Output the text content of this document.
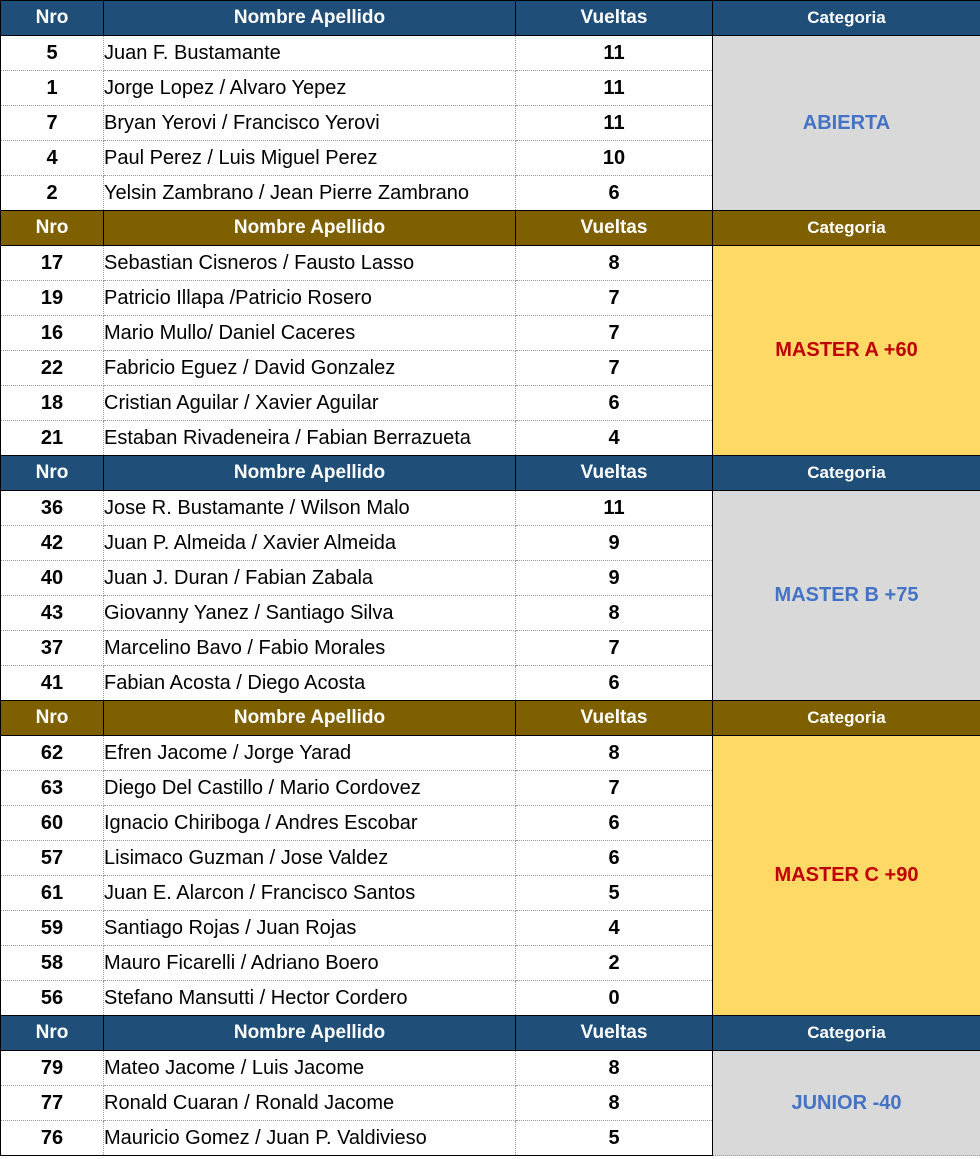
Nro	Nombre Apellido	Vueltas	Categoria
5	Juan F. Bustamante	11	ABIERTA
1	Jorge Lopez / Alvaro Yepez	11	
7	Bryan Yerovi / Francisco Yerovi	11	
4	Paul Perez / Luis Miguel Perez	10	
2	Yelsin Zambrano / Jean Pierre Zambrano	6	
Nro	Nombre Apellido	Vueltas	Categoria
17	Sebastian Cisneros / Fausto Lasso	8	MASTER A +60
19	Patricio Illapa /Patricio Rosero	7	
16	Mario Mullo/ Daniel Caceres	7	
22	Fabricio Eguez / David Gonzalez	7	
18	Cristian Aguilar / Xavier Aguilar	6	
21	Estaban Rivadeneira / Fabian Berrazueta	4	
Nro	Nombre Apellido	Vueltas	Categoria
36	Jose R. Bustamante / Wilson Malo	11	MASTER B +75
42	Juan P. Almeida / Xavier Almeida	9	
40	Juan J. Duran / Fabian Zabala	9	
43	Giovanny Yanez / Santiago Silva	8	
37	Marcelino Bavo / Fabio Morales	7	
41	Fabian Acosta / Diego Acosta	6	
Nro	Nombre Apellido	Vueltas	Categoria
62	Efren Jacome / Jorge Yarad	8	MASTER C +90
63	Diego Del Castillo / Mario Cordovez	7	
60	Ignacio Chiriboga / Andres Escobar	6	
57	Lisimaco Guzman / Jose Valdez	6	
61	Juan E. Alarcon / Francisco Santos	5	
59	Santiago Rojas / Juan Rojas	4	
58	Mauro Ficarelli / Adriano Boero	2	
56	Stefano Mansutti / Hector Cordero	0	
Nro	Nombre Apellido	Vueltas	Categoria
79	Mateo Jacome / Luis Jacome	8	JUNIOR -40
77	Ronald Cuaran / Ronald Jacome	8	
76	Mauricio Gomez / Juan P. Valdivieso	5	
